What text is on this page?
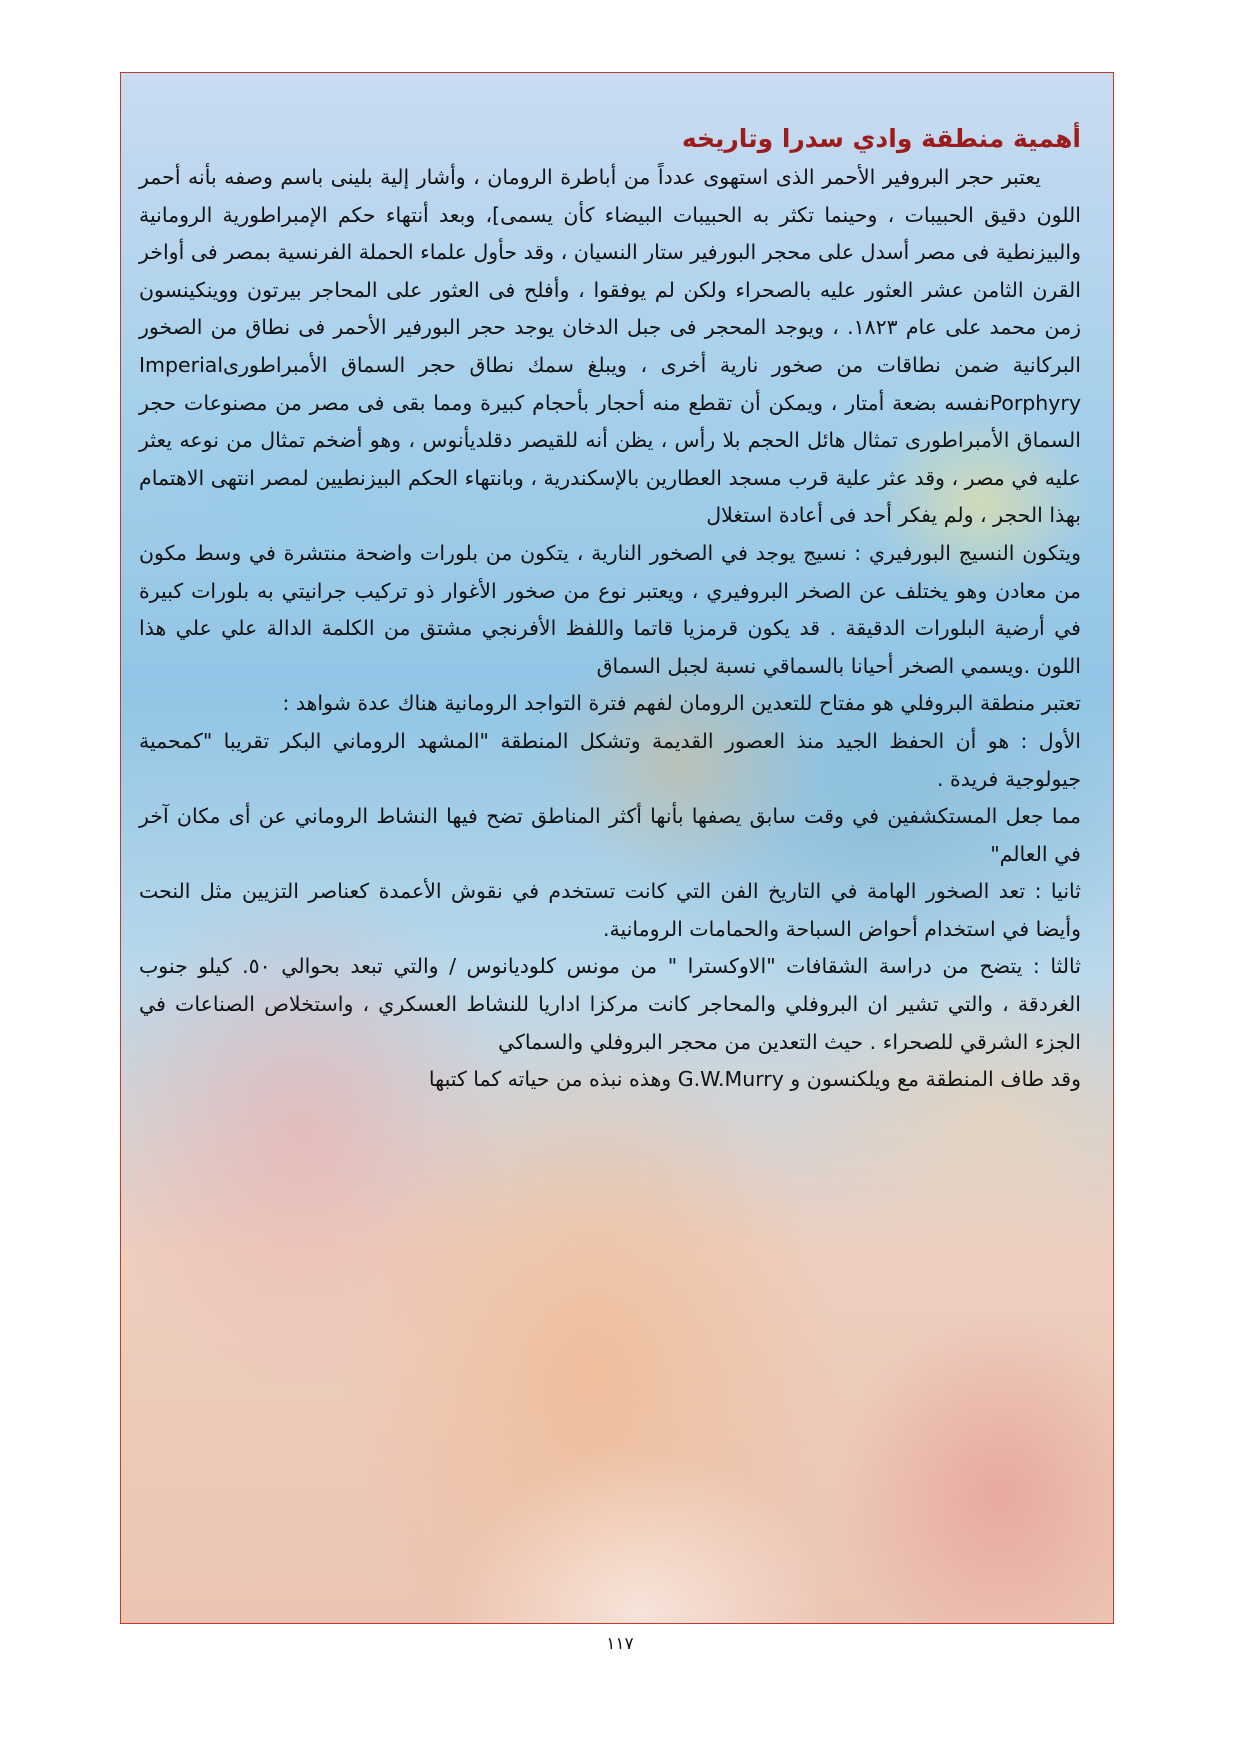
أهمية منطقة وادي سدرا وتاريخه

يعتبر حجر البروفير الأحمر الذى استهوى عدداً من أباطرة الرومان ، وأشار إلية بلينى باسم وصفه بأنه أحمر اللون دقيق الحبيبات ، وحينما تكثر به الحبيبات البيضاء كأن يسمى]، وبعد أنتهاء حكم الإمبراطورية الرومانية والبيزنطية فى مصر أسدل على محجر البورفير ستار النسيان ، وقد حأول علماء الحملة الفرنسية بمصر فى أواخر القرن الثامن عشر العثور عليه بالصحراء ولكن لم يوفقوا ، وأفلح فى العثور على المحاجر بيرتون ووينكينسون زمن محمد على عام ١٨٢٣. ، ويوجد المحجر فى جبل الدخان يوجد حجر البورفير الأحمر فى نطاق من الصخور البركانية ضمن نطاقات من صخور نارية أخرى ، ويبلغ سمك نطاق حجر السماق الأمبراطورىImperial Porphyryنفسه بضعة أمتار ، ويمكن أن تقطع منه أحجار بأحجام كبيرة ومما بقى فى مصر من مصنوعات حجر السماق الأمبراطورى تمثال هائل الحجم بلا رأس ، يظن أنه للقيصر دقلديأنوس ، وهو أضخم تمثال من نوعه يعثر عليه في مصر ، وقد عثر علية قرب مسجد العطارين بالإسكندرية ، وبانتهاء الحكم البيزنطيين لمصر انتهى الاهتمام بهذا الحجر ، ولم يفكر أحد فى أعادة استغلال

ويتكون النسيج البورفيري : نسيج يوجد في الصخور النارية ، يتكون من بلورات واضحة منتشرة في وسط مكون من معادن وهو يختلف عن الصخر البروفيري ، ويعتبر نوع من صخور الأغوار ذو تركيب جرانيتي به بلورات كبيرة في أرضية البلورات الدقيقة . قد يكون قرمزيا قاتما واللفظ الأفرنجي مشتق من الكلمة الدالة علي علي هذا اللون .ويسمي الصخر أحيانا بالسماقي نسبة لجبل السماق

تعتبر منطقة البروفلي هو مفتاح للتعدين الرومان لفهم فترة التواجد الرومانية هناك عدة شواهد :

الأول : هو أن الحفظ الجيد منذ العصور القديمة وتشكل المنطقة "المشهد الروماني البكر تقريبا "كمحمية جيولوجية فريدة .

مما جعل المستكشفين في وقت سابق يصفها بأنها أكثر المناطق تضح فيها النشاط الروماني عن أى مكان آخر في العالم"

ثانيا : تعد الصخور الهامة في التاريخ الفن التي كانت تستخدم في نقوش الأعمدة كعناصر التزيين مثل النحت وأيضا في استخدام أحواض السباحة والحمامات الرومانية.

ثالثا : يتضح من دراسة الشقافات "الاوكسترا " من مونس كلوديانوس / والتي تبعد بحوالي ٥٠. كيلو جنوب الغردقة ، والتي تشير ان البروفلي والمحاجر كانت مركزا اداريا للنشاط العسكري ، واستخلاص الصناعات في الجزء الشرقي للصحراء . حيث التعدين من محجر البروفلي والسماكي

وقد طاف المنطقة مع ويلكنسون و G.W.Murry وهذه نبذه من حياته كما كتبها

١١٧
